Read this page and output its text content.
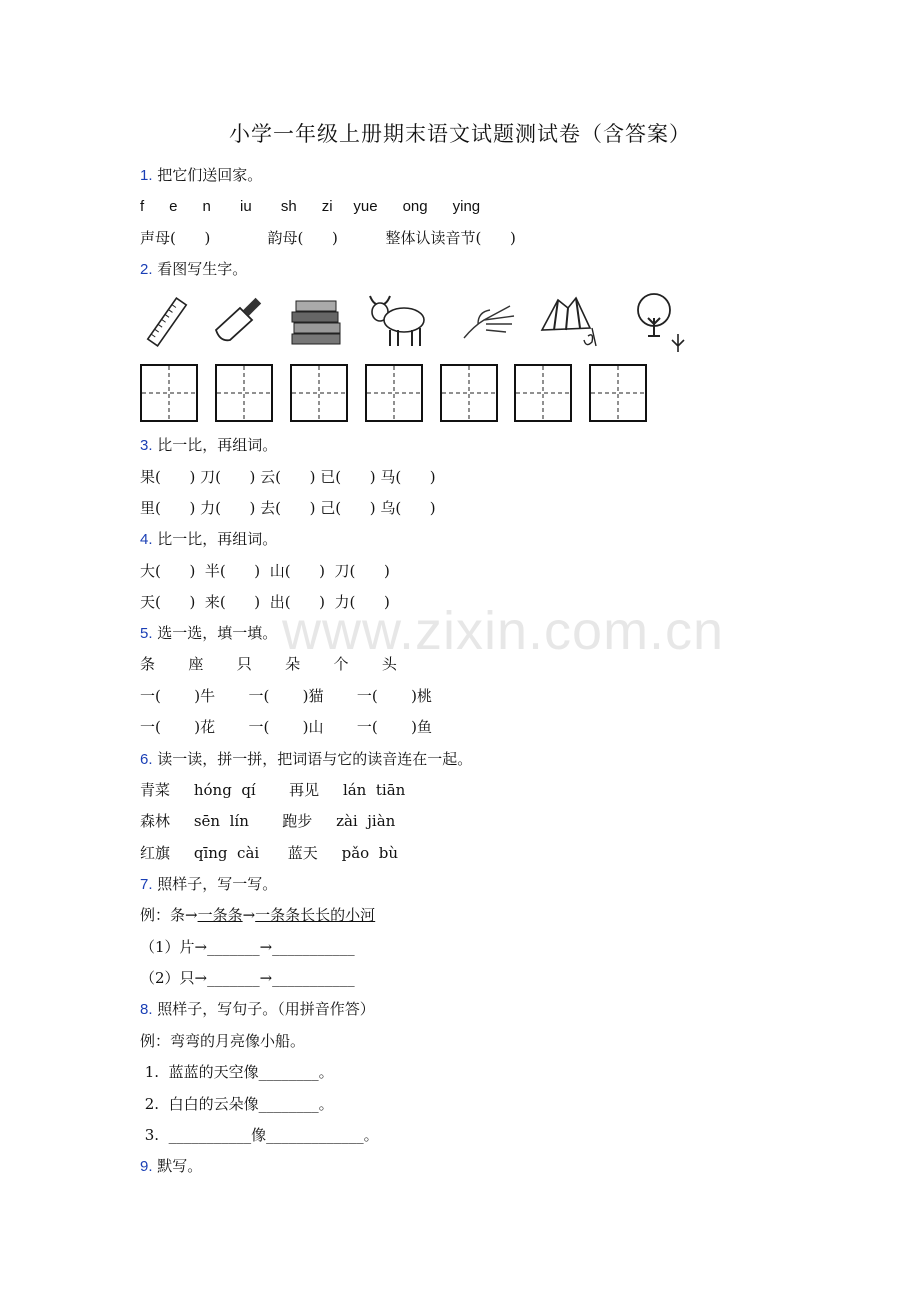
小学一年级上册期末语文试题测试卷（含答案）
1. 把它们送回家。
f      e      n       iu       sh      zi     yue      ong      ying
声母(      )            韵母(      )          整体认读音节(      )
2. 看图写生字。
3. 比一比，再组词。
果(      ) 刀(      ) 云(      ) 已(      ) 马(      )
里(      ) 力(      ) 去(      ) 己(      ) 乌(      )
4. 比一比，再组词。
大(      )  半(      )  山(      )  刀(      )
天(      )  来(      )  出(      )  力(      )
5. 选一选，填一填。
条       座       只       朵       个       头
一(       )牛       一(       )猫       一(       )桃
一(       )花       一(       )山       一(       )鱼
6. 读一读，拼一拼，把词语与它的读音连在一起。
青菜     hóng  qí       再见     lán  tiān
森林     sēn  lín       跑步     zài  jiàn
红旗     qīng  cài      蓝天     pǎo  bù
7. 照样子，写一写。
例：条→一条条→一条条长长的小河
（1）片→_______→___________
（2）只→_______→___________
8. 照样子，写句子。（用拼音作答）
例：弯弯的月亮像小船。
1.  蓝蓝的天空像________。
2.  白白的云朵像________。
3.  ___________像_____________。
9. 默写。
www.zixin.com.cn
